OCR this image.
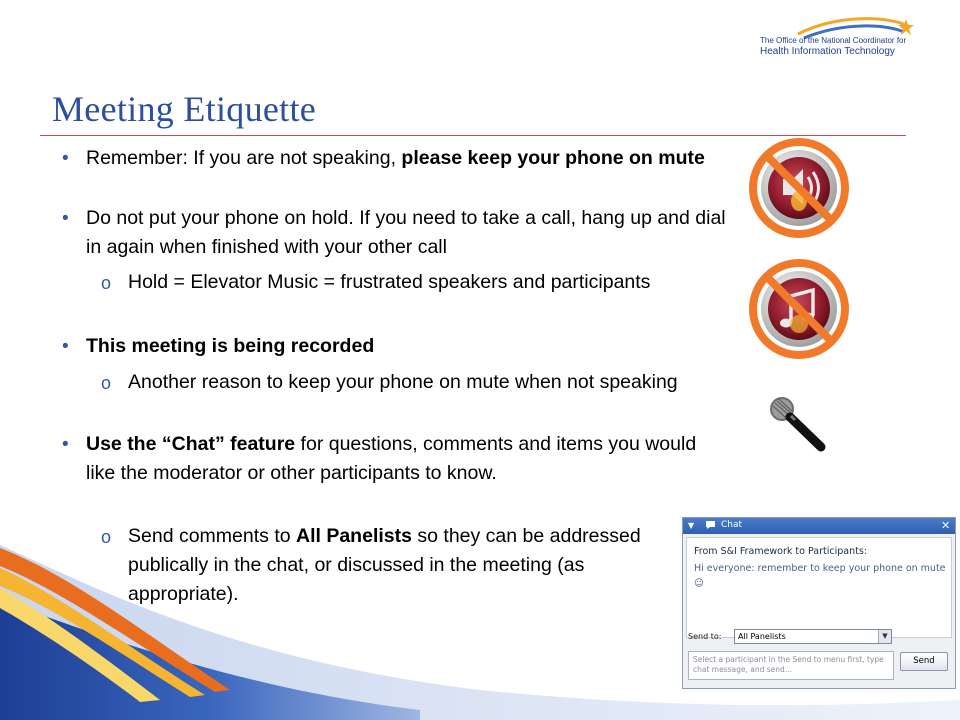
The Office of the National Coordinator for
Health Information Technology
Meeting Etiquette
• Remember: If you are not speaking, please keep your phone on mute
• Do not put your phone on hold. If you need to take a call, hang up and dial in again when finished with your other call
o Hold = Elevator Music = frustrated speakers and participants
• This meeting is being recorded
o Another reason to keep your phone on mute when not speaking
• Use the “Chat” feature for questions, comments and items you would like the moderator or other participants to know.
o Send comments to All Panelists so they can be addressed publically in the chat, or discussed in the meeting (as appropriate).
▼	Chat	✕
From S&I Framework to Participants:
Hi everyone: remember to keep your phone on mute ☺
Send to: All Panelists	▼
Select a participant in the Send to menu first, type chat message, and send...
Send
